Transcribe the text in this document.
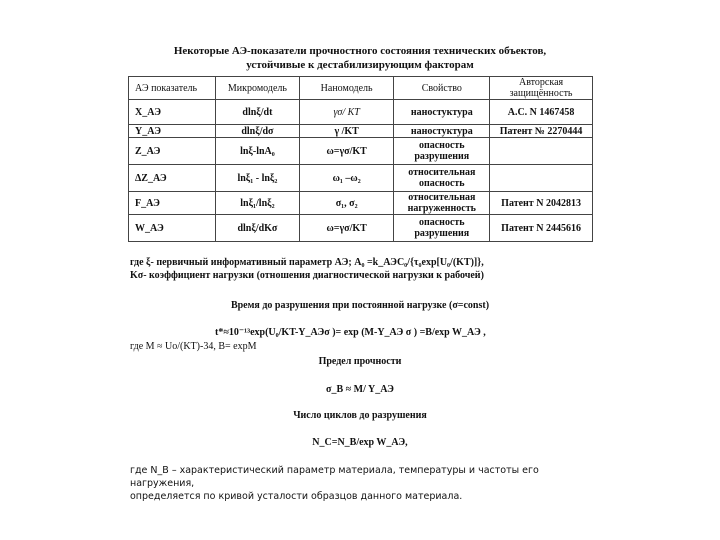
Некоторые АЭ-показатели прочностного состояния технических объектов,
устойчивые к дестабилизирующим факторам
АЭ показатель	Микромодель	Наномодель	Свойство	Авторская защищённость
X_АЭ	dlnξ/dt	γσ/ KT	наностуктура	А.С. N 1467458
Y_АЭ	dlnξ/dσ	γ /KT	наностуктура	Патент № 2270444
Z_АЭ	lnξ-lnA₀	ω=γσ/KT	опасность разрушения	
ΔZ_АЭ	lnξ₁ - lnξ₂	ω₁ –ω₂	относительная опасность	
F_АЭ	lnξ₁/lnξ₂	σ₁, σ₂	относительная нагруженность	Патент N 2042813
W_АЭ	dlnξ/dKσ	ω=γσ/KT	опасность разрушения	Патент N 2445616
где ξ- первичный информативный параметр АЭ; A₀ =k_АЭC₀/{τ₀exp[U₀/(KT)]},
Kσ- коэффициент нагрузки (отношения диагностической нагрузки к рабочей)
Время до разрушения при постоянной нагрузке (σ=const)
t*≈10⁻¹³exp(U₀/KT-Y_АЭσ )= exp (M-Y_АЭ σ ) =B/exp W_АЭ ,
где M ≈ Uo/(KT)-34, B= expM
Предел прочности
σ_B ≈ M/ Y_АЭ
Число циклов до разрушения
N_C=N_B/exp W_АЭ,
где N_B – характеристический параметр материала, температуры и частоты его нагружения,
определяется по кривой усталости образцов данного материала.
